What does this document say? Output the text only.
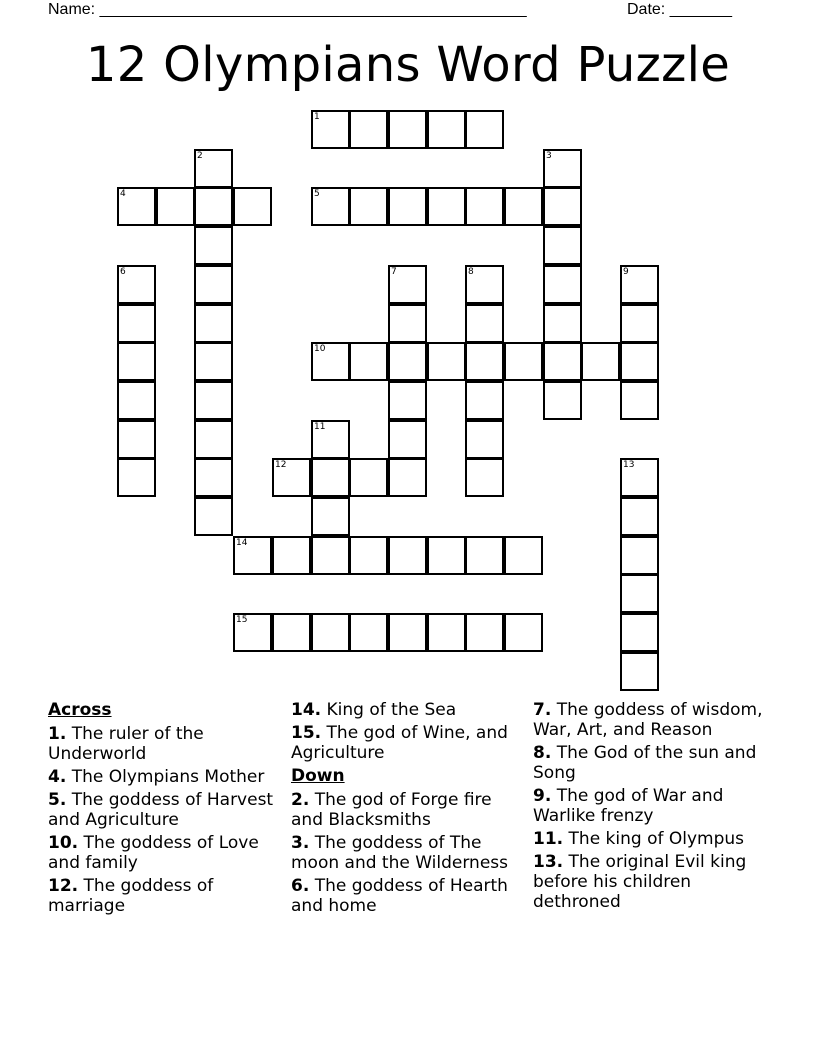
Name: ________________________________________________	Date: _______
12 Olympians Word Puzzle
1
2	3
4	5
6	7	8	9
10
11
12	13
14
15
Across
1. The ruler of the Underworld
4. The Olympians Mother
5. The goddess of Harvest and Agriculture
10. The goddess of Love and family
12. The goddess of marriage
14. King of the Sea
15. The god of Wine, and Agriculture
Down
2. The god of Forge fire and Blacksmiths
3. The goddess of The moon and the Wilderness
6. The goddess of Hearth and home
7. The goddess of wisdom, War, Art, and Reason
8. The God of the sun and Song
9. The god of War and Warlike frenzy
11. The king of Olympus
13. The original Evil king before his children dethroned
